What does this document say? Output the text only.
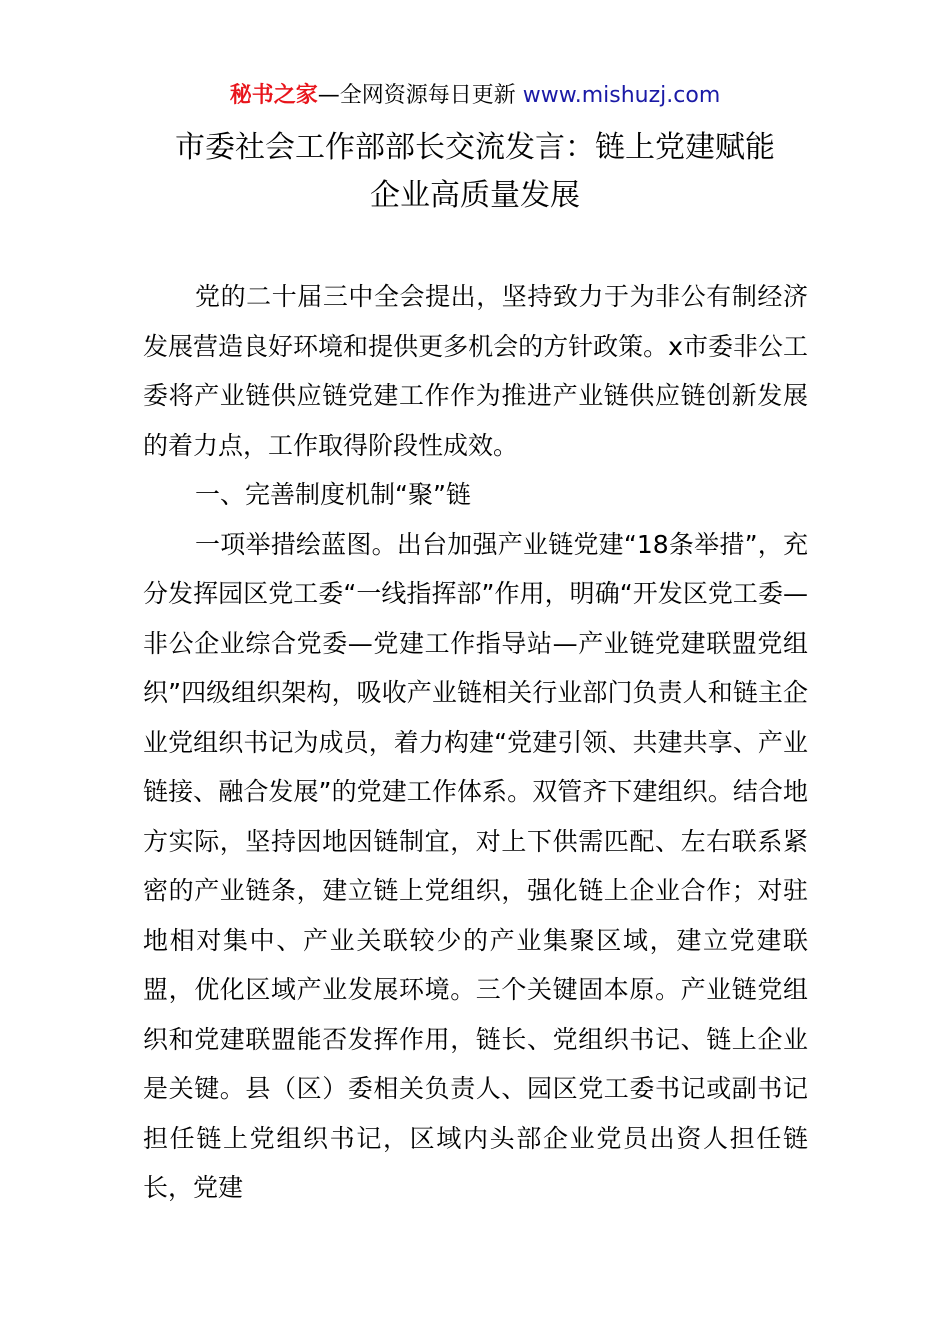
秘书之家—全网资源每日更新 www.mishuzj.com
市委社会工作部部长交流发言：链上党建赋能
企业高质量发展

党的二十届三中全会提出，坚持致力于为非公有制经济发展营造良好环境和提供更多机会的方针政策。x市委非公工委将产业链供应链党建工作作为推进产业链供应链创新发展的着力点，工作取得阶段性成效。

一、完善制度机制“聚”链

一项举措绘蓝图。出台加强产业链党建“18条举措”，充分发挥园区党工委“一线指挥部”作用，明确“开发区党工委—非公企业综合党委—党建工作指导站—产业链党建联盟党组织”四级组织架构，吸收产业链相关行业部门负责人和链主企业党组织书记为成员，着力构建“党建引领、共建共享、产业链接、融合发展”的党建工作体系。双管齐下建组织。结合地方实际，坚持因地因链制宜，对上下供需匹配、左右联系紧密的产业链条，建立链上党组织，强化链上企业合作；对驻地相对集中、产业关联较少的产业集聚区域，建立党建联盟，优化区域产业发展环境。三个关键固本原。产业链党组织和党建联盟能否发挥作用，链长、党组织书记、链上企业是关键。县（区）委相关负责人、园区党工委书记或副书记担任链上党组织书记，区域内头部企业党员出资人担任链长，党建
